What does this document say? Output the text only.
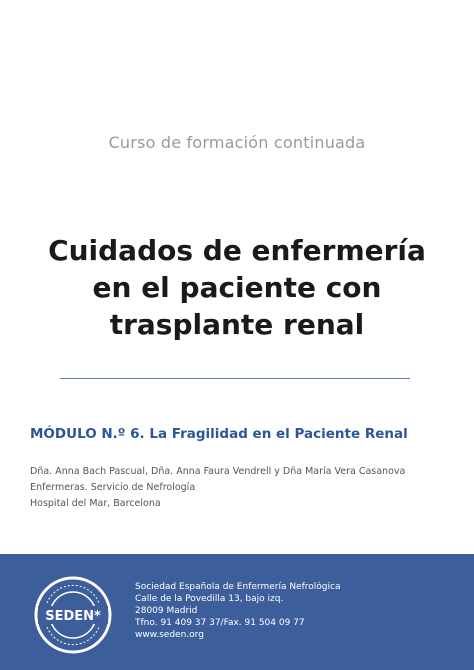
Curso de formación continuada
Cuidados de enfermería
en el paciente con
trasplante renal
MÓDULO N.º 6. La Fragilidad en el Paciente Renal
Dña. Anna Bach Pascual, Dña. Anna Faura Vendrell y Dña María Vera Casanova
Enfermeras. Servicio de Nefrología
Hospital del Mar, Barcelona
SEDEN*
Sociedad Española de Enfermería Nefrológica
Calle de la Povedilla 13, bajo izq.
28009 Madrid
Tfno. 91 409 37 37/Fax. 91 504 09 77
www.seden.org
